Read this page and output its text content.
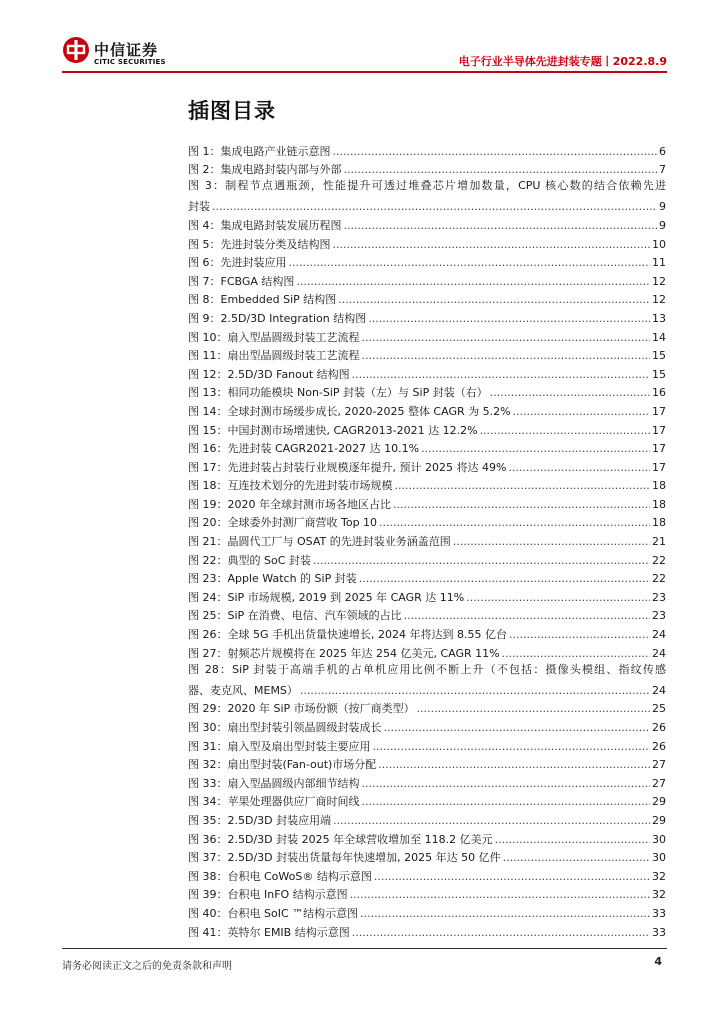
中信证券
CITIC SECURITIES	电子行业半导体先进封装专题丨2022.8.9
插图目录
图 1：集成电路产业链示意图 .....	6
图 2：集成电路封装内部与外部 .....	7
图 3：制程节点遇瓶颈，性能提升可透过堆叠芯片增加数量，CPU 核心数的结合依赖先进
封装 .....	9
图 4：集成电路封装发展历程图 .....	9
图 5：先进封装分类及结构图 .....	10
图 6：先进封装应用 .....	11
图 7：FCBGA 结构图 .....	12
图 8：Embedded SiP 结构图 .....	12
图 9：2.5D/3D Integration 结构图 .....	13
图 10：扇入型晶圆级封装工艺流程 .....	14
图 11：扇出型晶圆级封装工艺流程 .....	15
图 12：2.5D/3D Fanout 结构图 .....	15
图 13：相同功能模块 Non-SiP 封装（左）与 SiP 封装（右） .....	16
图 14：全球封测市场缓步成长, 2020-2025 整体 CAGR 为 5.2% .....	17
图 15：中国封测市场增速快, CAGR2013-2021 达 12.2% .....	17
图 16：先进封装 CAGR2021-2027 达 10.1% .....	17
图 17：先进封装占封装行业规模逐年提升, 预计 2025 将达 49% .....	17
图 18：互连技术划分的先进封装市场规模 .....	18
图 19：2020 年全球封测市场各地区占比 .....	18
图 20：全球委外封测厂商营收 Top 10 .....	18
图 21：晶圆代工厂与 OSAT 的先进封装业务涵盖范围 .....	21
图 22：典型的 SoC 封装 .....	22
图 23：Apple Watch 的 SiP 封装 .....	22
图 24：SiP 市场规模, 2019 到 2025 年 CAGR 达 11% .....	23
图 25：SiP 在消费、电信、汽车领域的占比 .....	23
图 26：全球 5G 手机出货量快速增长, 2024 年将达到 8.55 亿台 .....	24
图 27：射频芯片规模将在 2025 年达 254 亿美元, CAGR 11% .....	24
图 28：SiP 封装于高端手机的占单机应用比例不断上升（不包括：摄像头模组、指纹传感
器、麦克风、MEMS） .....	24
图 29：2020 年 SiP 市场份额（按厂商类型） .....	25
图 30：扇出型封装引领晶圆级封装成长 .....	26
图 31：扇入型及扇出型封装主要应用 .....	26
图 32：扇出型封装(Fan-out)市场分配 .....	27
图 33：扇入型晶圆级内部细节结构 .....	27
图 34：苹果处理器供应厂商时间线 .....	29
图 35：2.5D/3D 封装应用端 .....	29
图 36：2.5D/3D 封装 2025 年全球营收增加至 118.2 亿美元 .....	30
图 37：2.5D/3D 封装出货量每年快速增加, 2025 年达 50 亿件 .....	30
图 38：台积电 CoWoS® 结构示意图 .....	32
图 39：台积电 InFO 结构示意图 .....	32
图 40：台积电 SoIC ™结构示意图 .....	33
图 41：英特尔 EMIB 结构示意图 .....	33
请务必阅读正文之后的免责条款和声明	4
